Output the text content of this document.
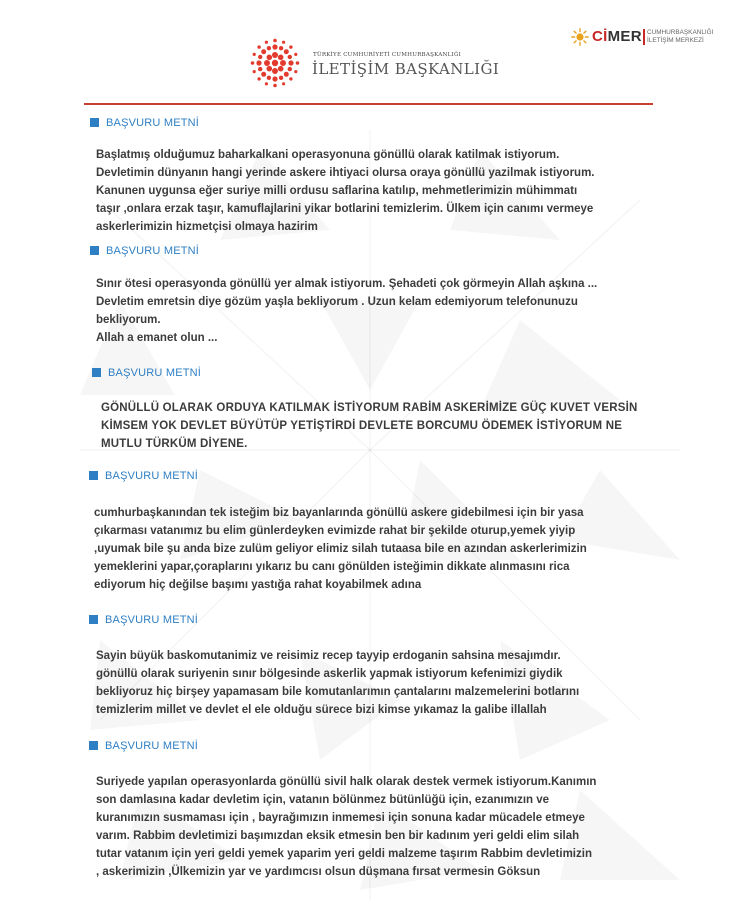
TÜRKİYE CUMHURİYETİ CUMHURBAŞKANLIĞI
İLETİŞİM BAŞKANLIĞI
CİMER CUMHURBAŞKANLIĞI
İLETİŞİM MERKEZİ
BAŞVURU METNİ
Başlatmış olduğumuz baharkalkani operasyonuna gönüllü olarak katilmak istiyorum.
Devletimin dünyanın hangi yerinde askere ihtiyaci olursa oraya gönüllü yazilmak istiyorum.
Kanunen uygunsa eğer suriye milli ordusu saflarina katılıp, mehmetlerimizin mühimmatı
taşır ,onlara erzak taşır, kamuflajlarini yikar botlarini temizlerim. Ülkem için canımı vermeye
askerlerimizin hizmetçisi olmaya hazirim
BAŞVURU METNİ
Sınır ötesi operasyonda gönüllü yer almak istiyorum. Şehadeti çok görmeyin Allah aşkına ...
Devletim emretsin diye gözüm yaşla bekliyorum . Uzun kelam edemiyorum telefonunuzu
bekliyorum.
Allah a emanet olun ...
BAŞVURU METNİ
GÖNÜLLÜ OLARAK ORDUYA KATILMAK İSTİYORUM RABİM ASKERİMİZE GÜÇ KUVET VERSİN
KİMSEM YOK DEVLET BÜYÜTÜP YETİŞTİRDİ DEVLETE BORCUMU ÖDEMEK İSTİYORUM NE
MUTLU TÜRKÜM DİYENE.
BAŞVURU METNİ
cumhurbaşkanından tek isteğim biz bayanlarında gönüllü askere gidebilmesi için bir yasa
çıkarması vatanımız bu elim günlerdeyken evimizde rahat bir şekilde oturup,yemek yiyip
,uyumak bile şu anda bize zulüm geliyor elimiz silah tutaasa bile en azından askerlerimizin
yemeklerini yapar,çoraplarını yıkarız bu canı gönülden isteğimin dikkate alınmasını rica
ediyorum hiç değilse başımı yastığa rahat koyabilmek adına
BAŞVURU METNİ
Sayin büyük baskomutanimiz ve reisimiz recep tayyip erdoganin sahsina mesajımdır.
gönüllü olarak suriyenin sınır bölgesinde askerlik yapmak istiyorum kefenimizi giydik
bekliyoruz hiç birşey yapamasam bile komutanlarımın çantalarını malzemelerini botlarını
temizlerim millet ve devlet el ele olduğu sürece bizi kimse yıkamaz la galibe illallah
BAŞVURU METNİ
Suriyede yapılan operasyonlarda gönüllü sivil halk olarak destek vermek istiyorum.Kanımın
son damlasına kadar devletim için, vatanın bölünmez bütünlüğü için, ezanımızın ve
kuranımızın susmaması için , bayrağımızın inmemesi için sonuna kadar mücadele etmeye
varım. Rabbim devletimizi başımızdan eksik etmesin ben bir kadınım yeri geldi elim silah
tutar vatanım için yeri geldi yemek yaparim yeri geldi malzeme taşırım Rabbim devletimizin
, askerimizin ,Ülkemizin yar ve yardımcısı olsun düşmana fırsat vermesin Göksun
